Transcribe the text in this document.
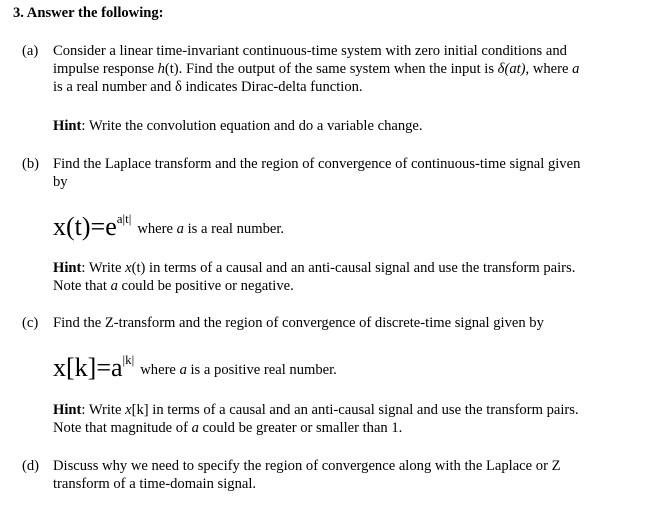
3. Answer the following:
(a) Consider a linear time-invariant continuous-time system with zero initial conditions and
impulse response h(t). Find the output of the same system when the input is δ(at), where a
is a real number and δ indicates Dirac-delta function.
Hint: Write the convolution equation and do a variable change.
(b) Find the Laplace transform and the region of convergence of continuous-time signal given
by
$x(t)=e^{a|t|}where$ a is a real number.
Hint: Write x(t) in terms of a causal and an anti-causal signal and use the transform pairs.
Note that a could be positive or negative.
(c) Find the Z-transform and the region of convergence of discrete-time signal given by
$x[k]=a^{|k|}where$ a is a positive real number.
Hint: Write x[k] in terms of a causal and an anti-causal signal and use the transform pairs.
Note that magnitude of a could be greater or smaller than 1.
(d) Discuss why we need to specify the region of convergence along with the Laplace or Z
transform of a time-domain signal.
